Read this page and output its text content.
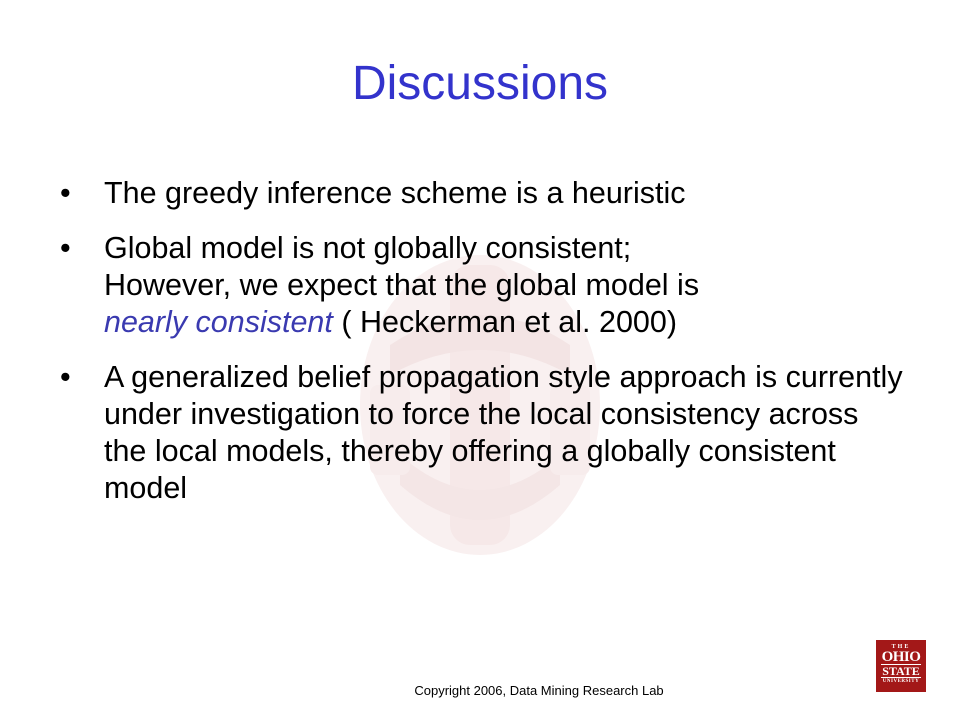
Discussions
• The greedy inference scheme is a heuristic
• Global model is not globally consistent;
However, we expect that the global model is
nearly consistent ( Heckerman et al. 2000)
• A generalized belief propagation style approach is currently under investigation to force the local consistency across the local models, thereby offering a globally consistent model
Copyright 2006, Data Mining Research Lab
THE
OHIO
STATE
UNIVERSITY
